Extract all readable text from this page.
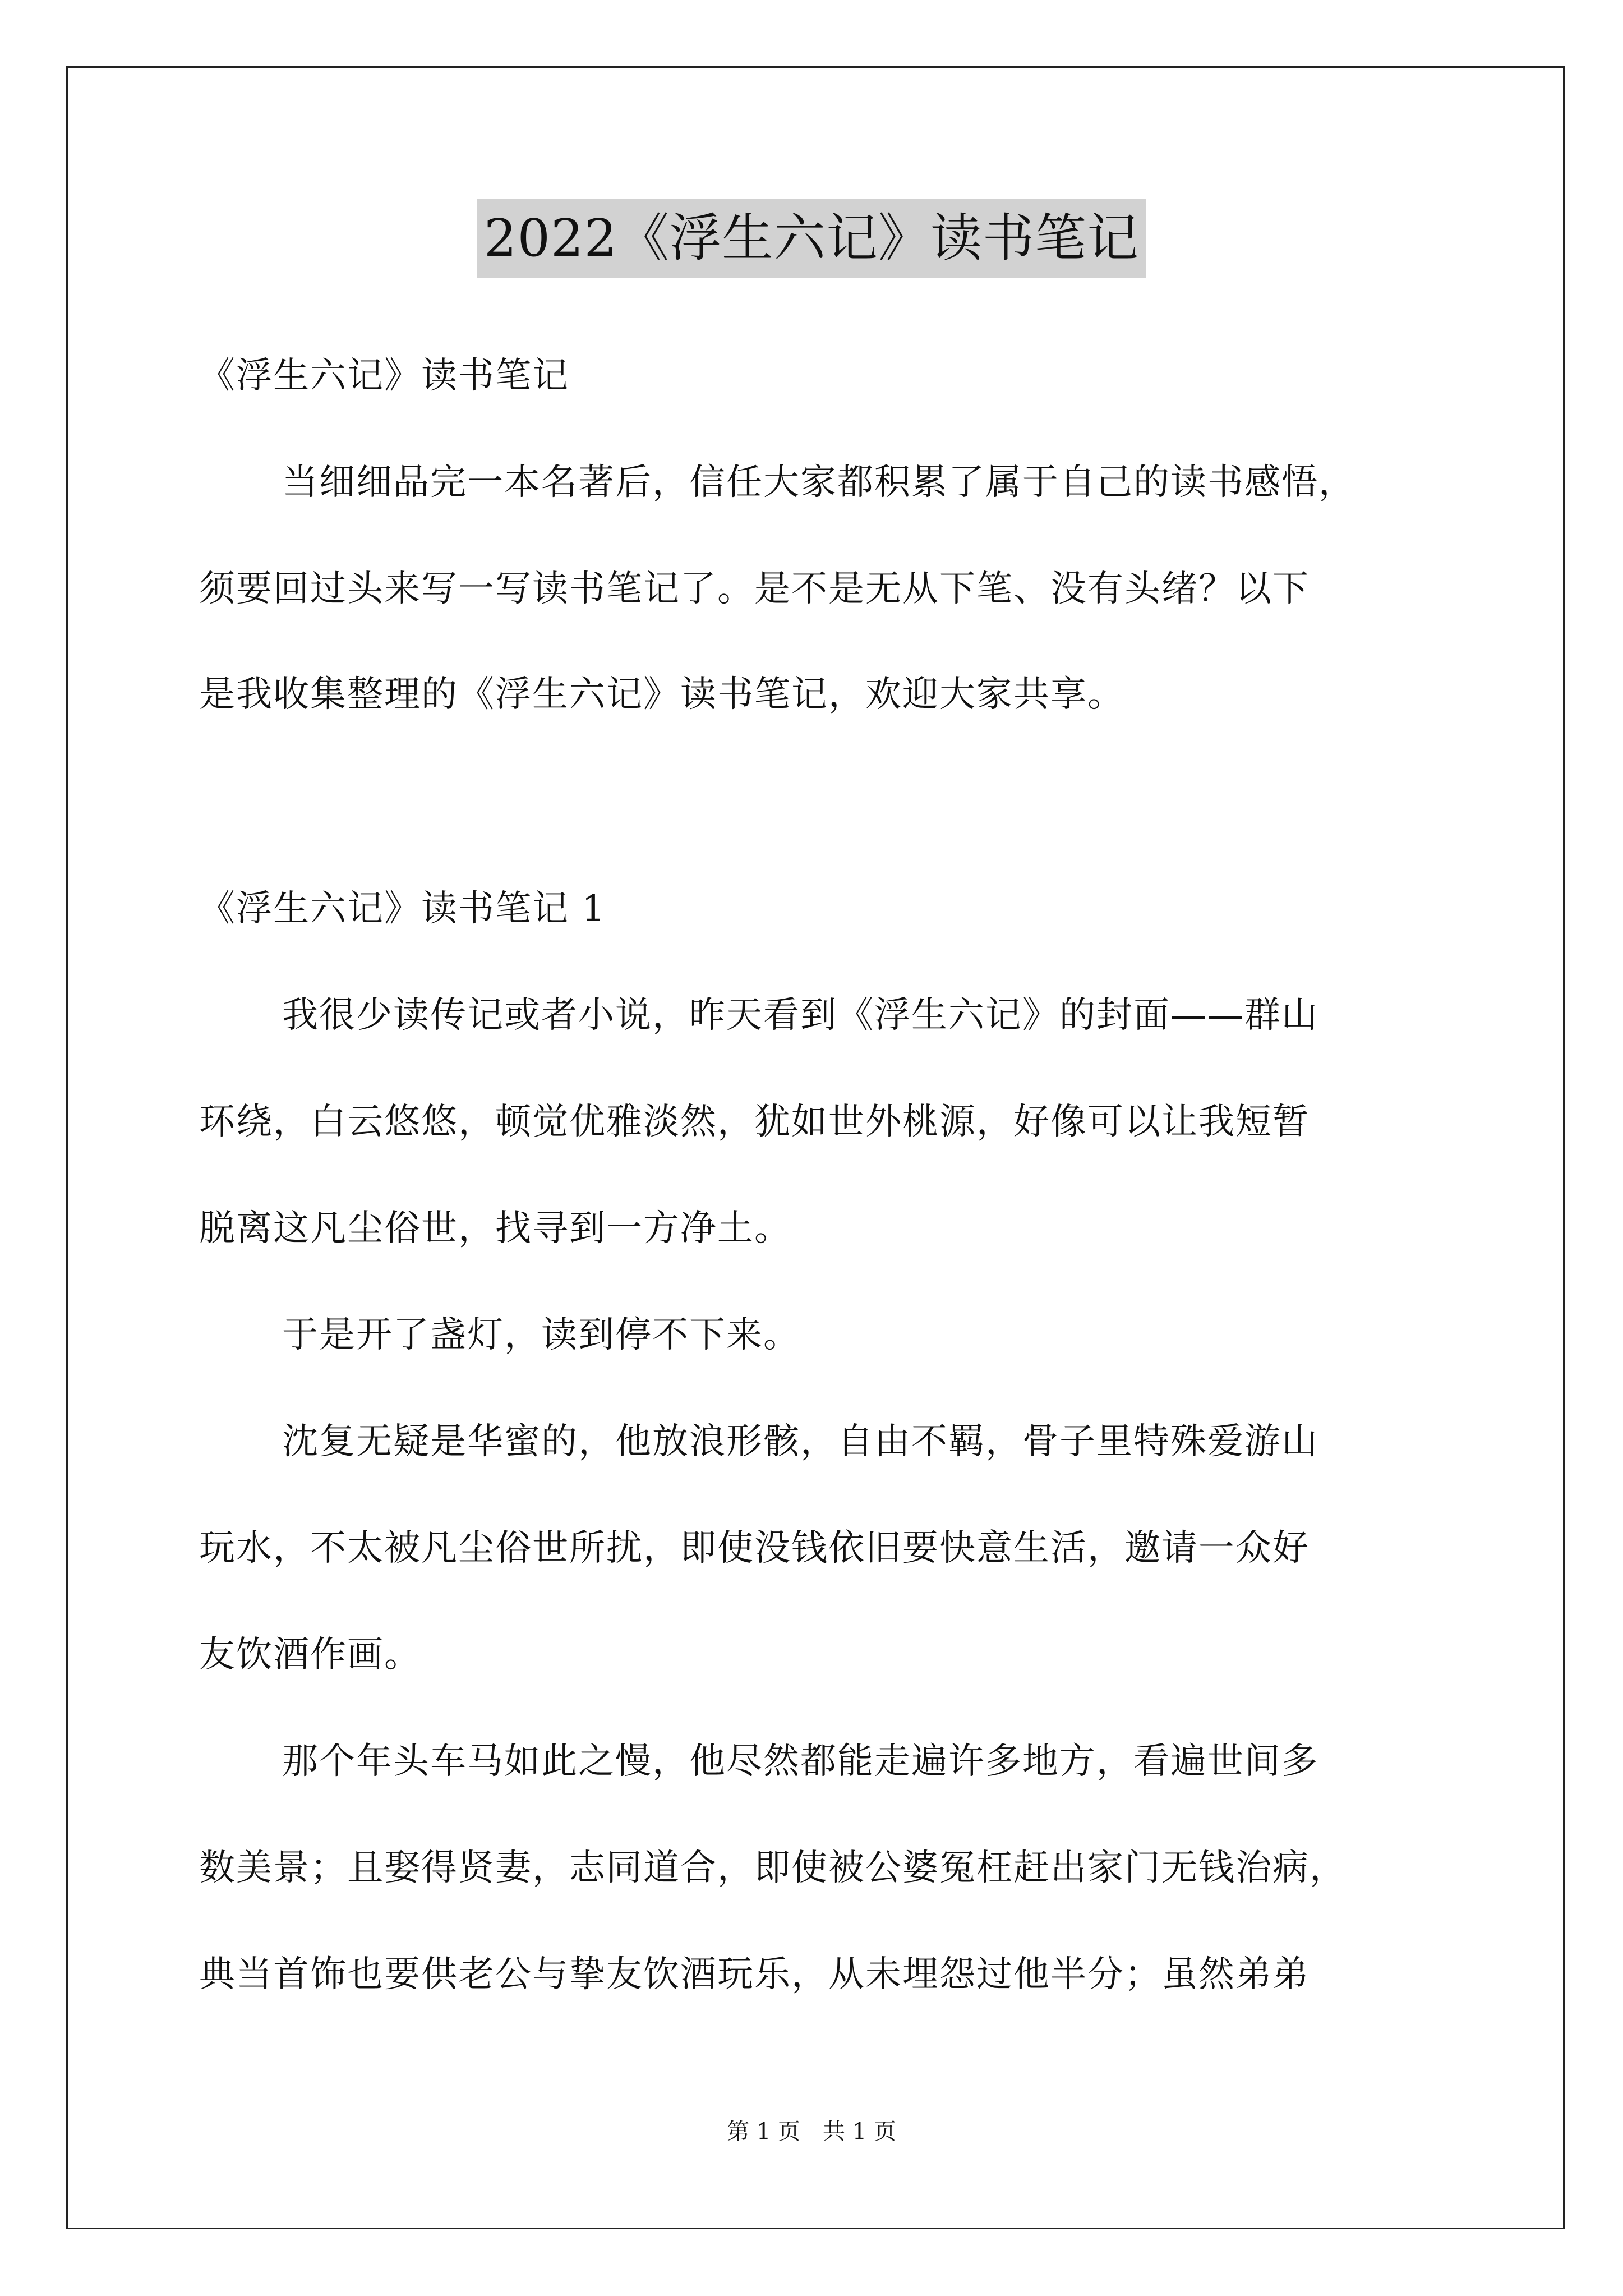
2022《浮生六记》读书笔记
《浮生六记》读书笔记
当细细品完一本名著后，信任大家都积累了属于自己的读书感悟，
须要回过头来写一写读书笔记了。是不是无从下笔、没有头绪？以下
是我收集整理的《浮生六记》读书笔记，欢迎大家共享。
《浮生六记》读书笔记 1
我很少读传记或者小说，昨天看到《浮生六记》的封面——群山
环绕，白云悠悠，顿觉优雅淡然，犹如世外桃源，好像可以让我短暂
脱离这凡尘俗世，找寻到一方净土。
于是开了盏灯，读到停不下来。
沈复无疑是华蜜的，他放浪形骸，自由不羁，骨子里特殊爱游山
玩水，不太被凡尘俗世所扰，即使没钱依旧要快意生活，邀请一众好
友饮酒作画。
那个年头车马如此之慢，他尽然都能走遍许多地方，看遍世间多
数美景；且娶得贤妻，志同道合，即使被公婆冤枉赶出家门无钱治病，
典当首饰也要供老公与挚友饮酒玩乐，从未埋怨过他半分；虽然弟弟
第 1 页　共 1 页
